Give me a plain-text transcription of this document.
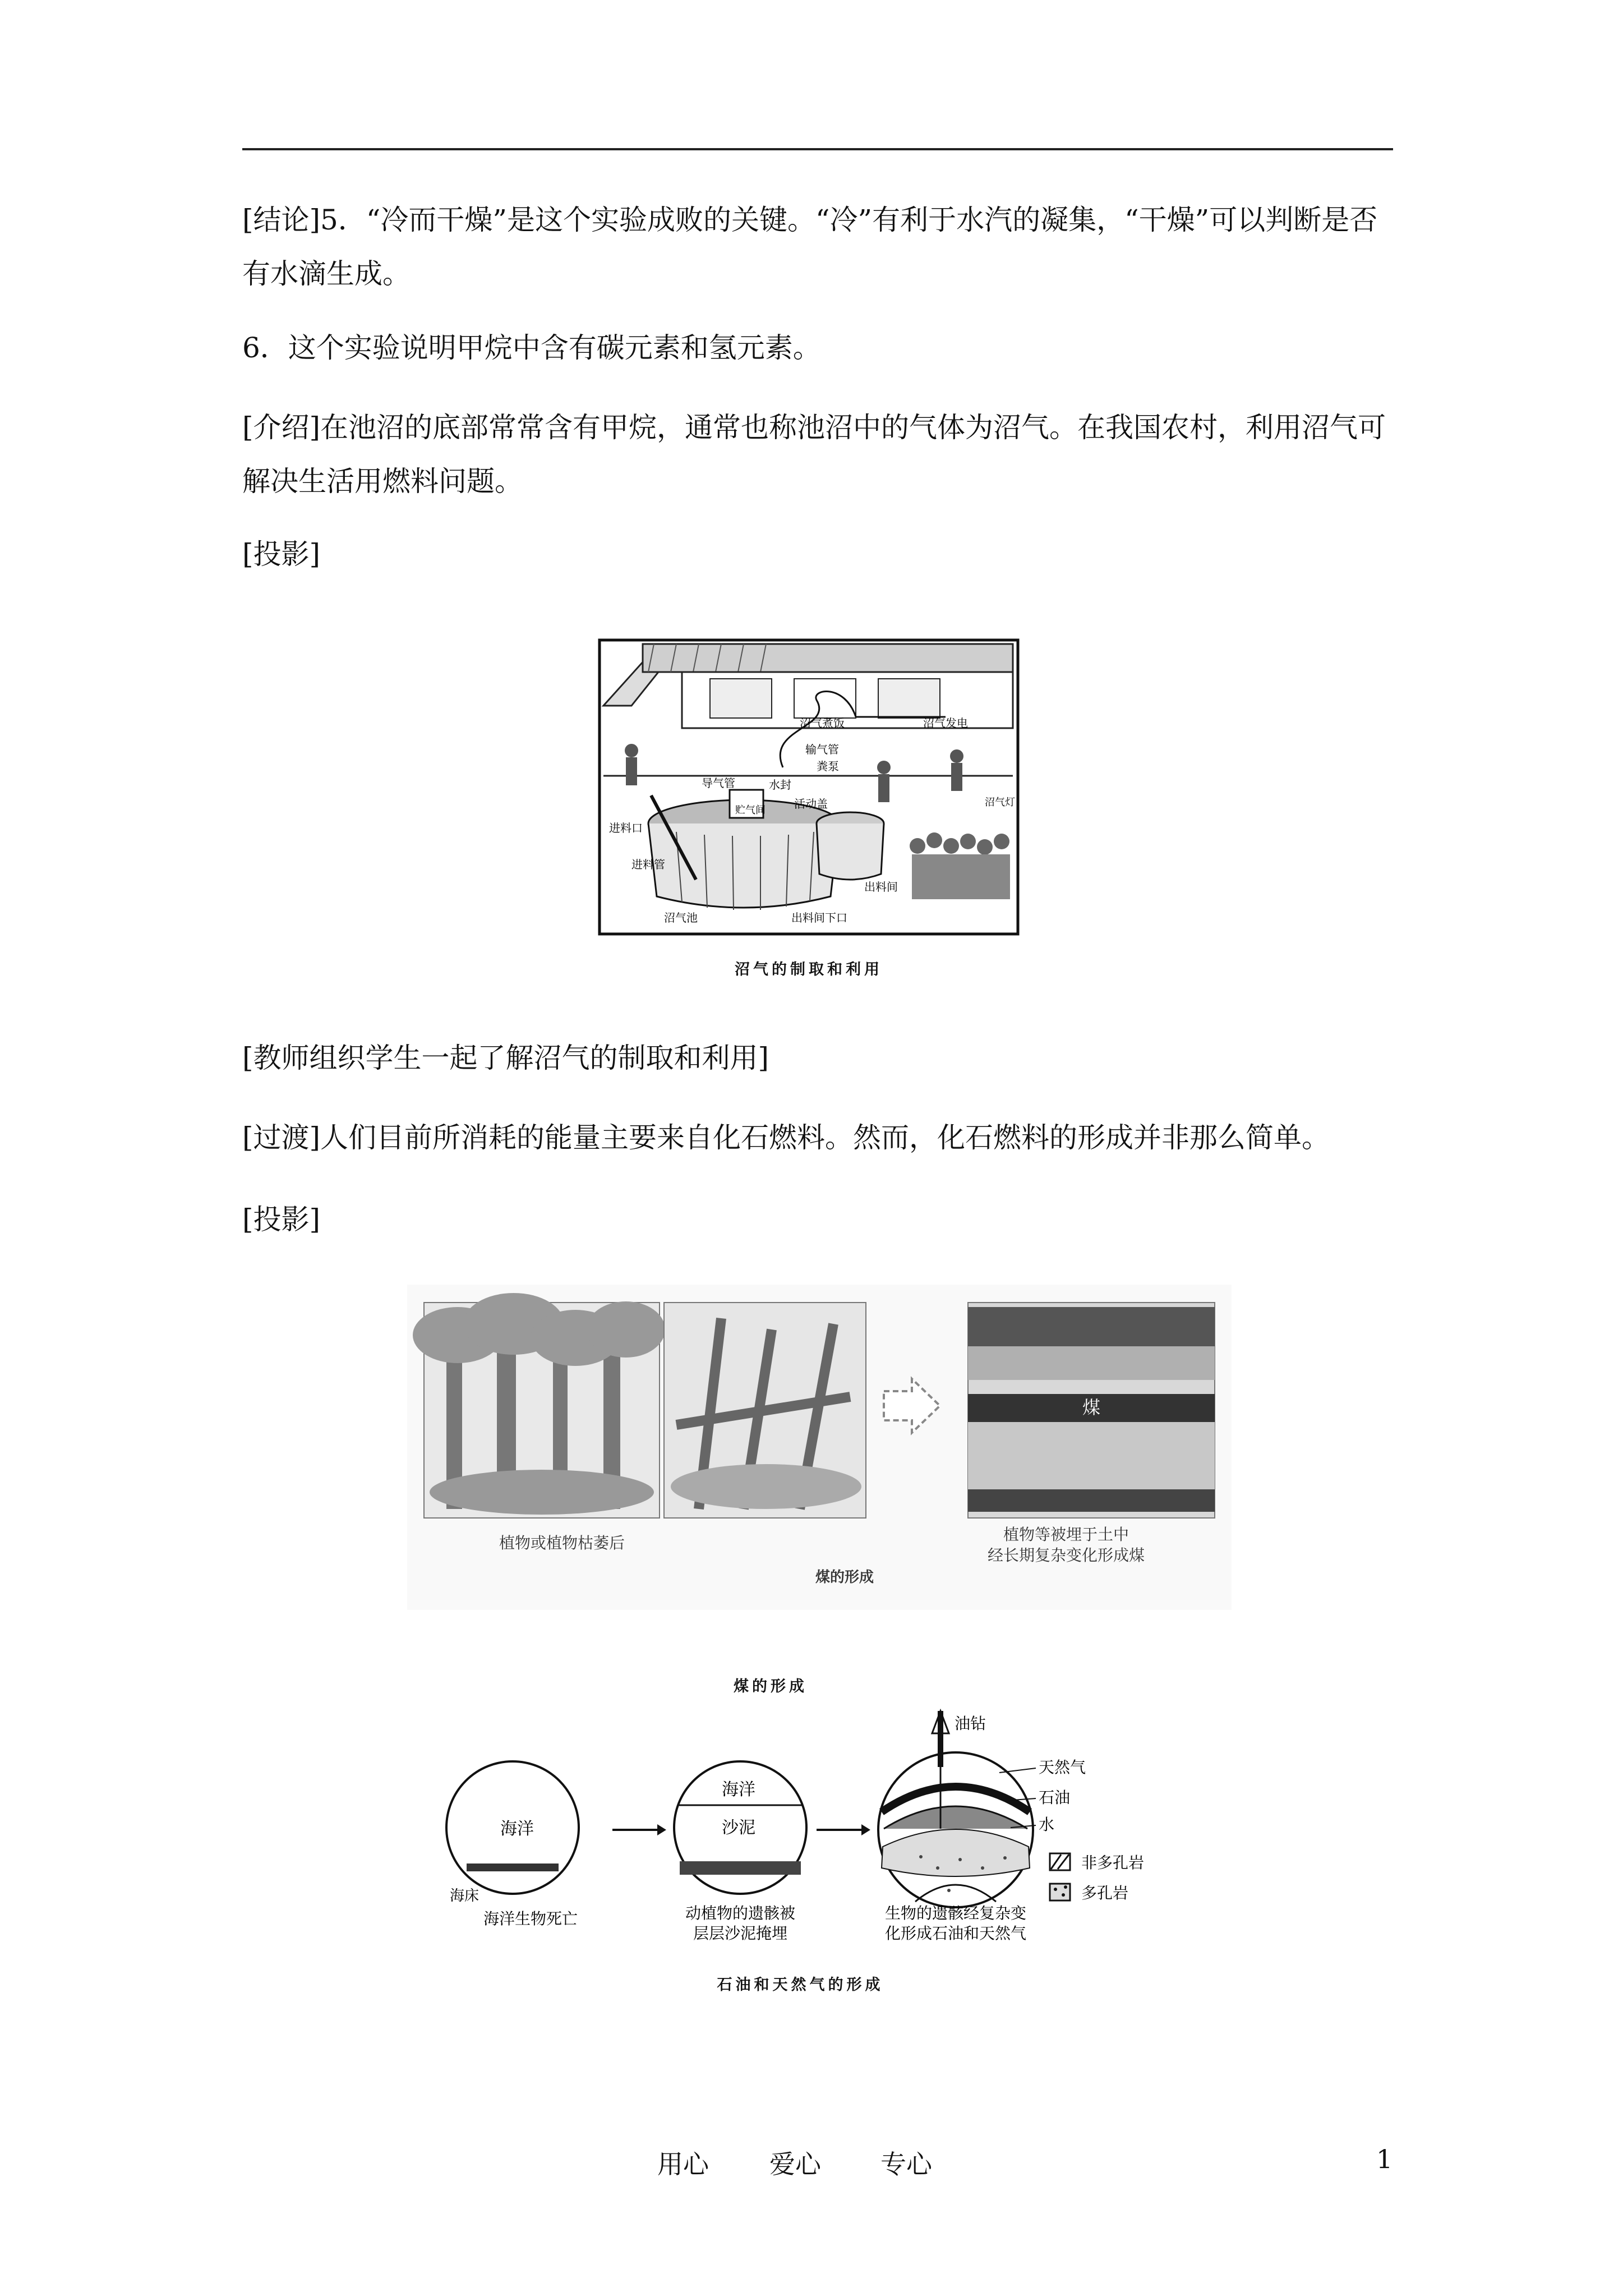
[结论]5．“冷而干燥”是这个实验成败的关键。“冷”有利于水汽的凝集，“干燥”可以判断是否有水滴生成。

6．这个实验说明甲烷中含有碳元素和氢元素。

[介绍]在池沼的底部常常含有甲烷，通常也称池沼中的气体为沼气。在我国农村，利用沼气可解决生活用燃料问题。

[投影]

沼气煮饭	沼气发电
输气管
导气管	水封
粪泵
活动盖
贮气间
进料口
进料管
出料间
沼气池	出料间下口
沼气灯
沼气的制取和利用

[教师组织学生一起了解沼气的制取和利用]

[过渡]人们目前所消耗的能量主要来自化石燃料。然而，化石燃料的形成并非那么简单。

[投影]

煤
植物或植物枯萎后	植物等被埋于土中
经长期复杂变化形成煤
煤的形成
煤的形成
海洋
海床
海洋生物死亡
海洋
沙泥
动植物的遗骸被
层层沙泥掩埋
油钻
天然气
石油
水
生物的遗骸经复杂变
化形成石油和天然气
非多孔岩
多孔岩
石油和天然气的形成
用心 爱心 专心	1
